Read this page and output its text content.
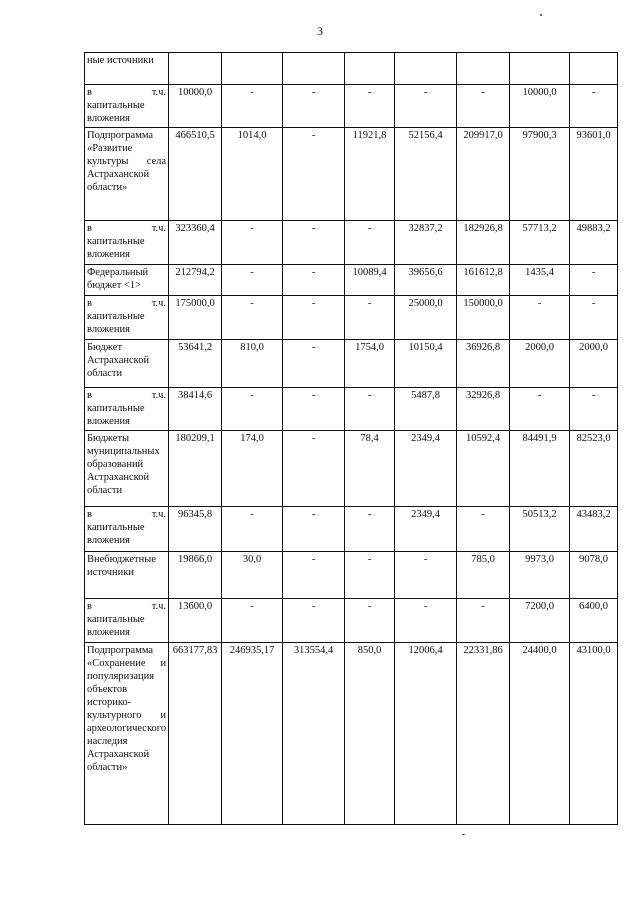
3
ные источники								
в т.ч. капитальные вложения	10000,0	-	-	-	-	-	10000,0	-
Подпрограмма «Развитие культуры села Астраханской области»	466510,5	1014,0	-	11921,8	52156,4	209917,0	97900,3	93601,0
в т.ч. капитальные вложения	323360,4	-	-	-	32837,2	182926,8	57713,2	49883,2
Федеральный бюджет <1>	212794,2	-	-	10089,4	39656,6	161612,8	1435,4	-
в т.ч. капитальные вложения	175000,0	-	-	-	25000,0	150000,0	-	-
Бюджет Астраханской области	53641,2	810,0	-	1754,0	10150,4	36926,8	2000,0	2000,0
в т.ч. капитальные вложения	38414,6	-	-	-	5487,8	32926,8	-	-
Бюджеты муниципальных образований Астраханской области	180209,1	174,0	-	78,4	2349,4	10592,4	84491,9	82523,0
в т.ч. капитальные вложения	96345,8	-	-	-	2349,4	-	50513,2	43483,2
Внебюджетные источники	19866,0	30,0	-	-	-	785,0	9973,0	9078,0
в т.ч. капитальные вложения	13600,0	-	-	-	-	-	7200,0	6400,0
Подпрограмма «Сохранение и популяризация объектов историко-культурного и археологического наследия Астраханской области»	663177,83	246935,17	313554,4	850,0	12006,4	22331,86	24400,0	43100,0
